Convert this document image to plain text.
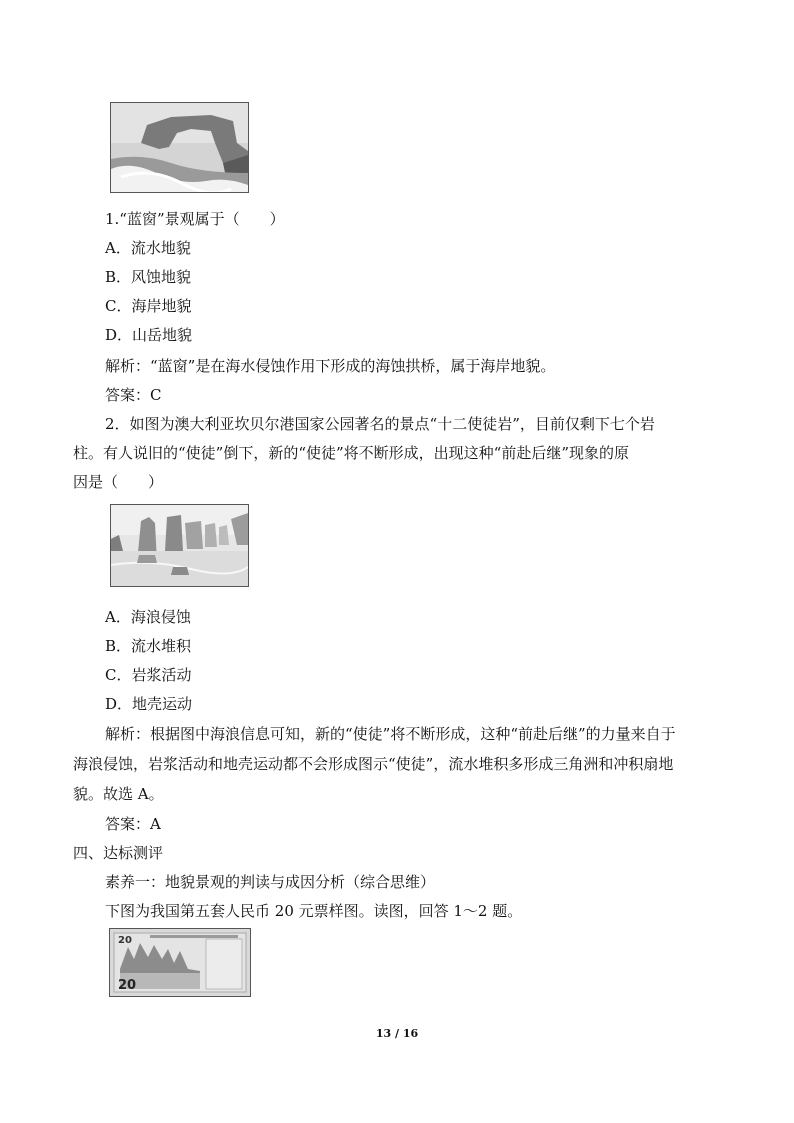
1.“蓝窗”景观属于（　　）
A．流水地貌
B．风蚀地貌
C．海岸地貌
D．山岳地貌
解析：“蓝窗”是在海水侵蚀作用下形成的海蚀拱桥，属于海岸地貌。
答案：C
2．如图为澳大利亚坎贝尔港国家公园著名的景点“十二使徒岩”，目前仅剩下七个岩
柱。有人说旧的“使徒”倒下，新的“使徒”将不断形成，出现这种“前赴后继”现象的原
因是（　　）
A．海浪侵蚀
B．流水堆积
C．岩浆活动
D．地壳运动
解析：根据图中海浪信息可知，新的“使徒”将不断形成，这种“前赴后继”的力量来自于
海浪侵蚀，岩浆活动和地壳运动都不会形成图示“使徒”，流水堆积多形成三角洲和冲积扇地
貌。故选 A。
答案：A
四、达标测评
素养一：地貌景观的判读与成因分析（综合思维）
下图为我国第五套人民币 20 元票样图。读图，回答 1～2 题。
20
20
13 / 16
